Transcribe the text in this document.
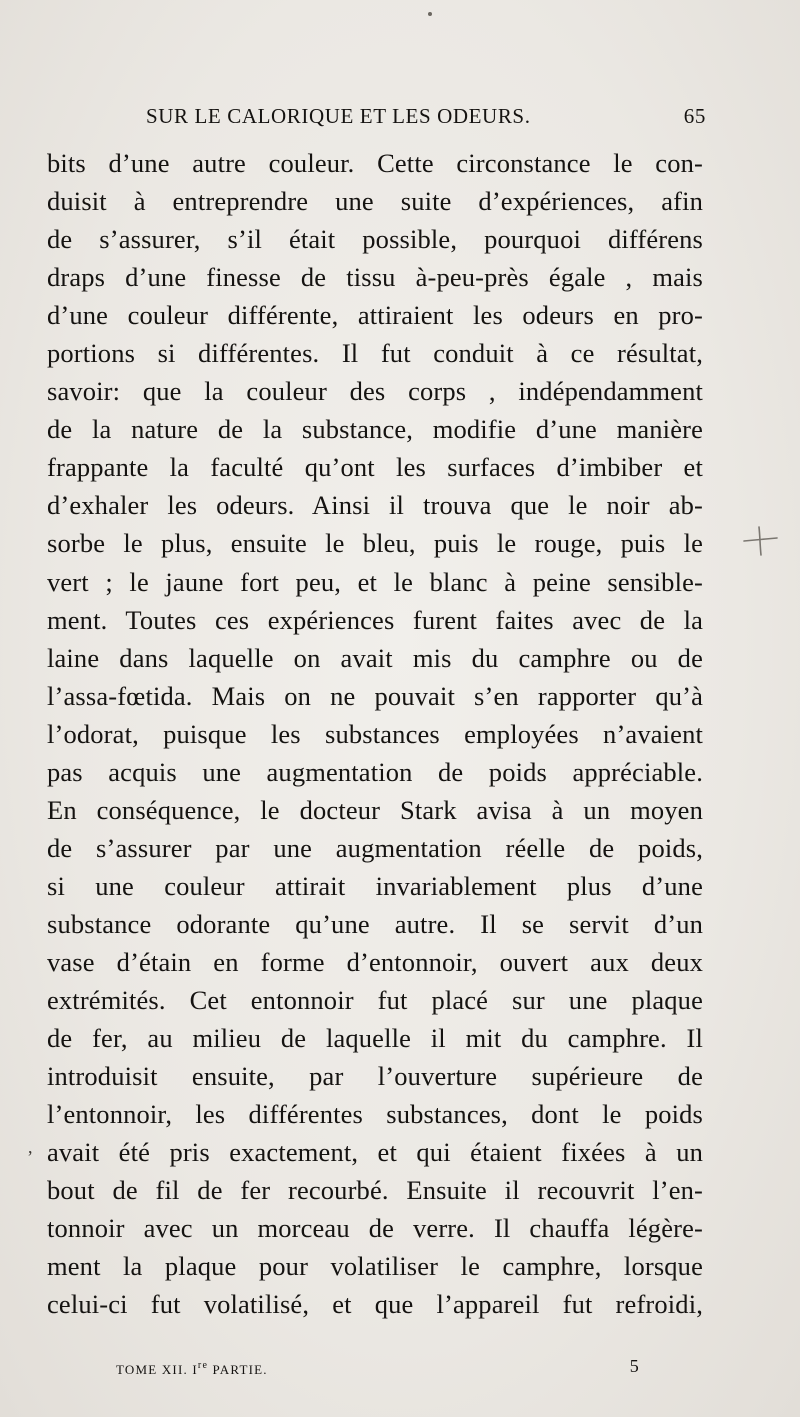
SUR LE CALORIQUE ET LES ODEURS.	65
bits d’une autre couleur. Cette circonstance le con-
duisit à entreprendre une suite d’expériences, afin
de s’assurer, s’il était possible, pourquoi différens
draps d’une finesse de tissu à-peu-près égale , mais
d’une couleur différente, attiraient les odeurs en pro-
portions si différentes. Il fut conduit à ce résultat,
savoir: que la couleur des corps , indépendamment
de la nature de la substance, modifie d’une manière
frappante la faculté qu’ont les surfaces d’imbiber et
d’exhaler les odeurs. Ainsi il trouva que le noir ab-
sorbe le plus, ensuite le bleu, puis le rouge, puis le
vert ; le jaune fort peu, et le blanc à peine sensible-
ment. Toutes ces expériences furent faites avec de la
laine dans laquelle on avait mis du camphre ou de
l’assa-fœtida. Mais on ne pouvait s’en rapporter qu’à
l’odorat, puisque les substances employées n’avaient
pas acquis une augmentation de poids appréciable.
En conséquence, le docteur Stark avisa à un moyen
de s’assurer par une augmentation réelle de poids,
si une couleur attirait invariablement plus d’une
substance odorante qu’une autre. Il se servit d’un
vase d’étain en forme d’entonnoir, ouvert aux deux
extrémités. Cet entonnoir fut placé sur une plaque
de fer, au milieu de laquelle il mit du camphre. Il
introduisit ensuite, par l’ouverture supérieure de
l’entonnoir, les différentes substances, dont le poids
avait été pris exactement, et qui étaient fixées à un
bout de fil de fer recourbé. Ensuite il recouvrit l’en-
tonnoir avec un morceau de verre. Il chauffa légère-
ment la plaque pour volatiliser le camphre, lorsque
celui-ci fut volatilisé, et que l’appareil fut refroidi,
,
TOME XII. Ire PARTIE.	5
